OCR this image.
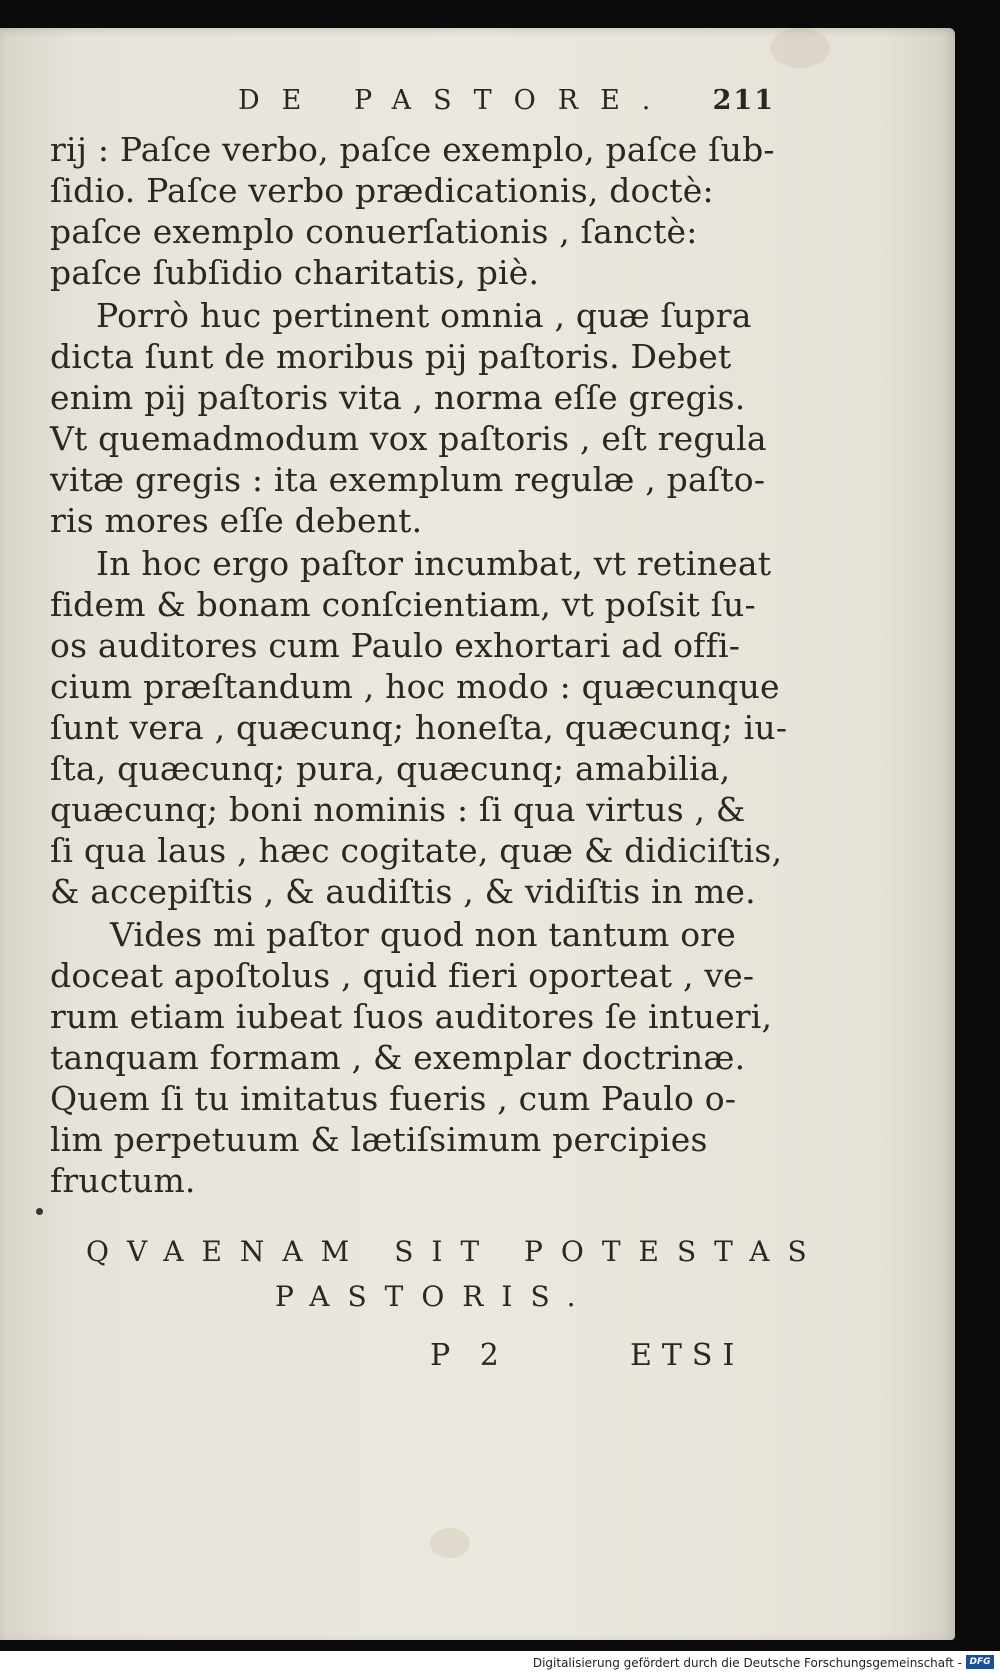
DE PASTORE. 211
rij : Paſce verbo, paſce exemplo, paſce ſub-
ſidio. Paſce verbo prædicationis, doctè:
paſce exemplo conuerſationis , ſanctè:
paſce ſubſidio charitatis, piè.
Porrò huc pertinent omnia , quæ ſupra
dicta ſunt de moribus pij paſtoris. Debet
enim pij paſtoris vita , norma eſſe gregis.
Vt quemadmodum vox paſtoris , eſt regula
vitæ gregis : ita exemplum regulæ , paſto-
ris mores eſſe debent.
In hoc ergo paſtor incumbat, vt retineat
fidem & bonam conſcientiam, vt poſsit ſu-
os auditores cum Paulo exhortari ad offi-
cium præſtandum , hoc modo : quæcunque
ſunt vera , quæcunq; honeſta, quæcunq; iu-
ſta, quæcunq; pura, quæcunq; amabilia,
quæcunq; boni nominis : ſi qua virtus , &
ſi qua laus , hæc cogitate, quæ & didiciſtis,
& accepiſtis , & audiſtis , & vidiſtis in me.
Vides mi paſtor quod non tantum ore
doceat apoſtolus , quid fieri oporteat , ve-
rum etiam iubeat ſuos auditores ſe intueri,
tanquam formam , & exemplar doctrinæ.
Quem ſi tu imitatus fueris , cum Paulo o-
lim perpetuum & lætiſsimum percipies
fructum.
QVAENAM SIT POTESTAS
PASTORIS.
P 2	ETSI
Digitalisierung gefördert durch die Deutsche Forschungsgemeinschaft - DFG
